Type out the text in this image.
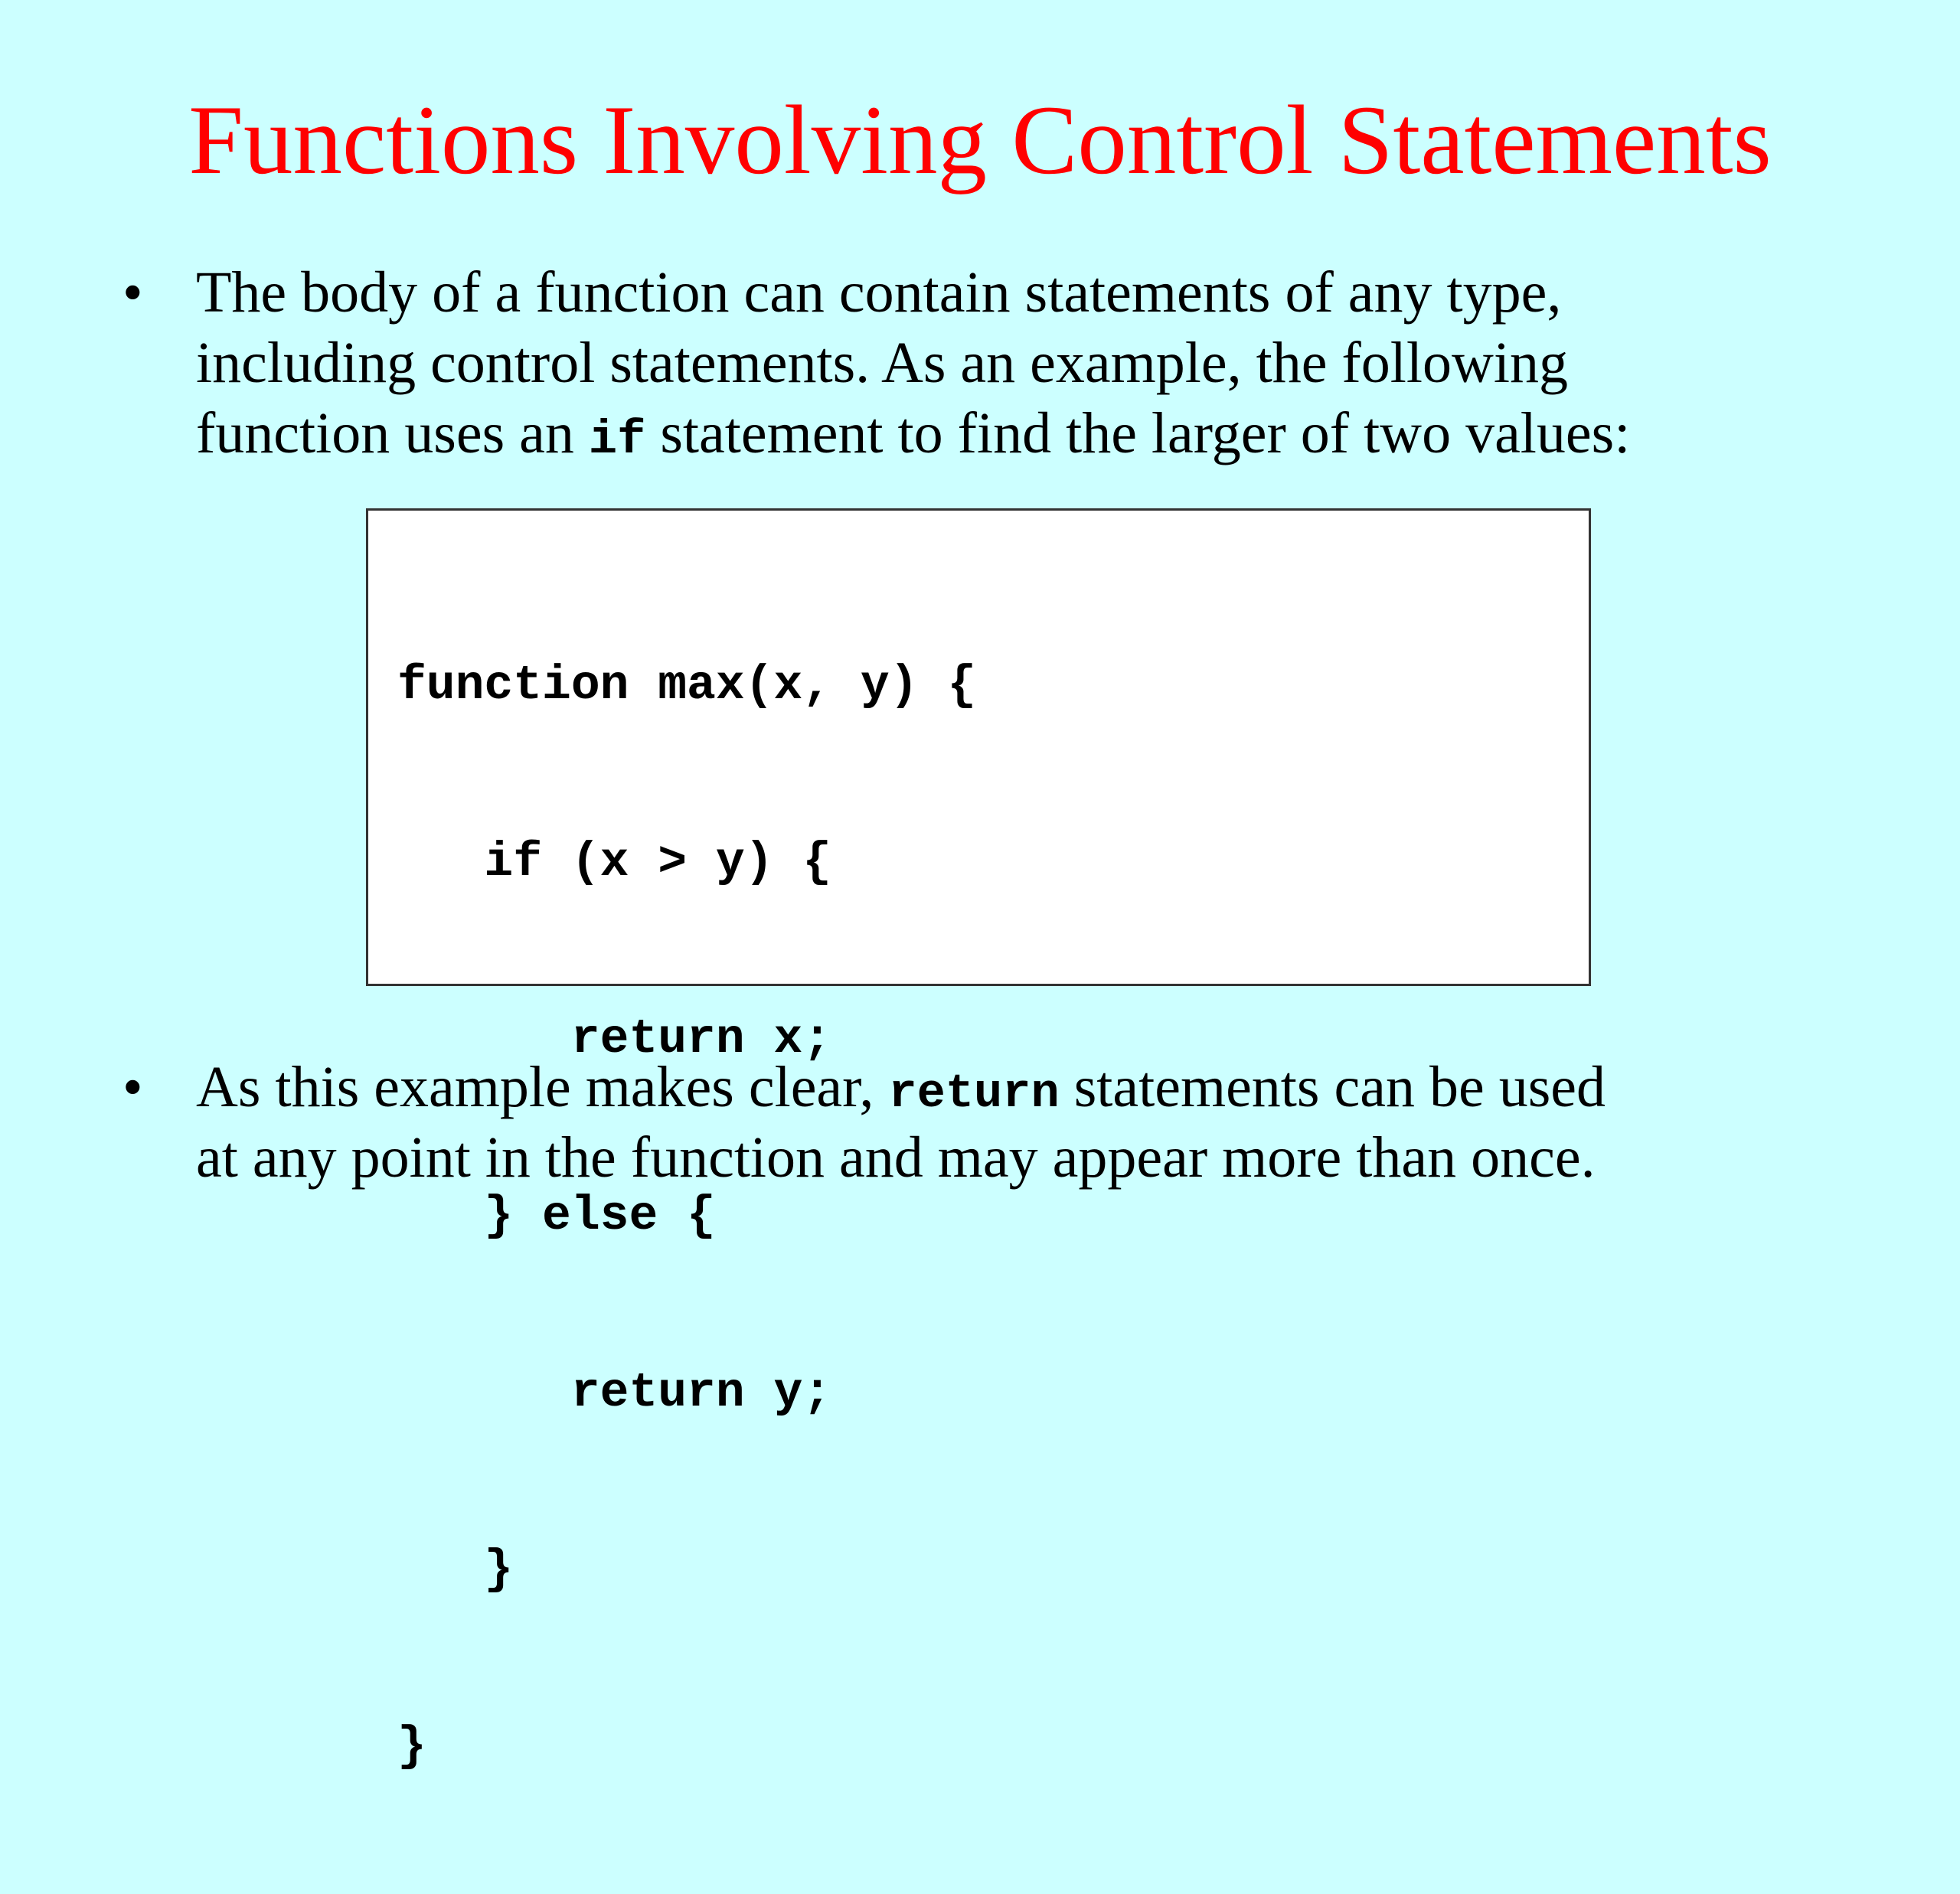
Functions Involving Control Statements
• The body of a function can contain statements of any type,
including control statements. As an example, the following
function uses an if statement to find the larger of two values:

function max(x, y) {

if (x > y) {

return x;

} else {

return y;

}

}

• As this example makes clear, return statements can be used
at any point in the function and may appear more than once.
